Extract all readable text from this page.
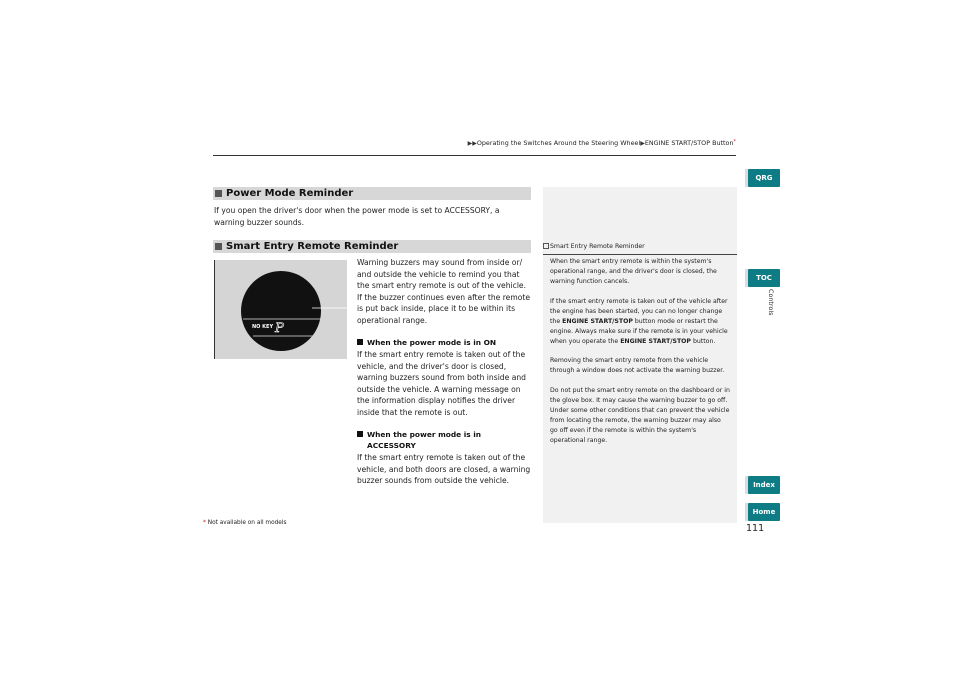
▶▶Operating the Switches Around the Steering Wheel▶ENGINE START/STOP Button*
Power Mode Reminder
If you open the driver's door when the power mode is set to ACCESSORY, a warning buzzer sounds.
Smart Entry Remote Reminder
NO KEY P
Warning buzzers may sound from inside or/ and outside the vehicle to remind you that the smart entry remote is out of the vehicle. If the buzzer continues even after the remote is put back inside, place it to be within its operational range.
When the power mode is in ON
If the smart entry remote is taken out of the vehicle, and the driver's door is closed, warning buzzers sound from both inside and outside the vehicle. A warning message on the information display notifies the driver inside that the remote is out.
When the power mode is in
ACCESSORY
If the smart entry remote is taken out of the vehicle, and both doors are closed, a warning buzzer sounds from outside the vehicle.
Smart Entry Remote Reminder

When the smart entry remote is within the system's operational range, and the driver's door is closed, the warning function cancels.

If the smart entry remote is taken out of the vehicle after the engine has been started, you can no longer change the ENGINE START/STOP button mode or restart the engine. Always make sure if the remote is in your vehicle when you operate the ENGINE START/STOP button.

Removing the smart entry remote from the vehicle through a window does not activate the warning buzzer.

Do not put the smart entry remote on the dashboard or in the glove box. It may cause the warning buzzer to go off. Under some other conditions that can prevent the vehicle from locating the remote, the warning buzzer may also go off even if the remote is within the system's operational range.

QRG
TOC
Controls
Index
Home
111
* Not available on all models
